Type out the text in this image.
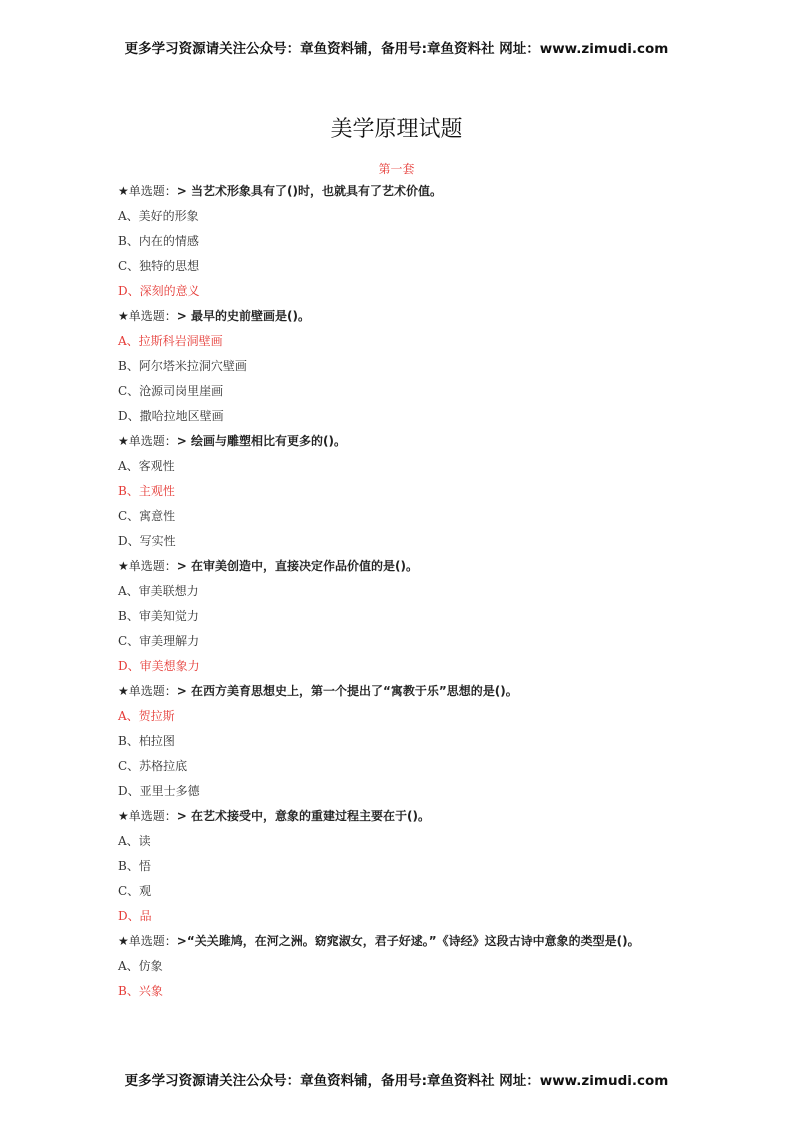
更多学习资源请关注公众号：章鱼资料铺，备用号:章鱼资料社 网址：www.zimudi.com
美学原理试题
第一套
★单选题：> 当艺术形象具有了()时，也就具有了艺术价值。
A、美好的形象
B、内在的情感
C、独特的思想
D、深刻的意义
★单选题：> 最早的史前壁画是()。
A、拉斯科岩洞壁画
B、阿尔塔米拉洞穴壁画
C、沧源司岗里崖画
D、撒哈拉地区壁画
★单选题：> 绘画与雕塑相比有更多的()。
A、客观性
B、主观性
C、寓意性
D、写实性
★单选题：> 在审美创造中，直接决定作品价值的是()。
A、审美联想力
B、审美知觉力
C、审美理解力
D、审美想象力
★单选题：> 在西方美育思想史上，第一个提出了“寓教于乐”思想的是()。
A、贺拉斯
B、柏拉图
C、苏格拉底
D、亚里士多德
★单选题：> 在艺术接受中，意象的重建过程主要在于()。
A、读
B、悟
C、观
D、品
★单选题：>“关关雎鸠，在河之洲。窈窕淑女，君子好逑。”《诗经》这段古诗中意象的类型是()。
A、仿象
B、兴象
更多学习资源请关注公众号：章鱼资料铺，备用号:章鱼资料社 网址：www.zimudi.com
